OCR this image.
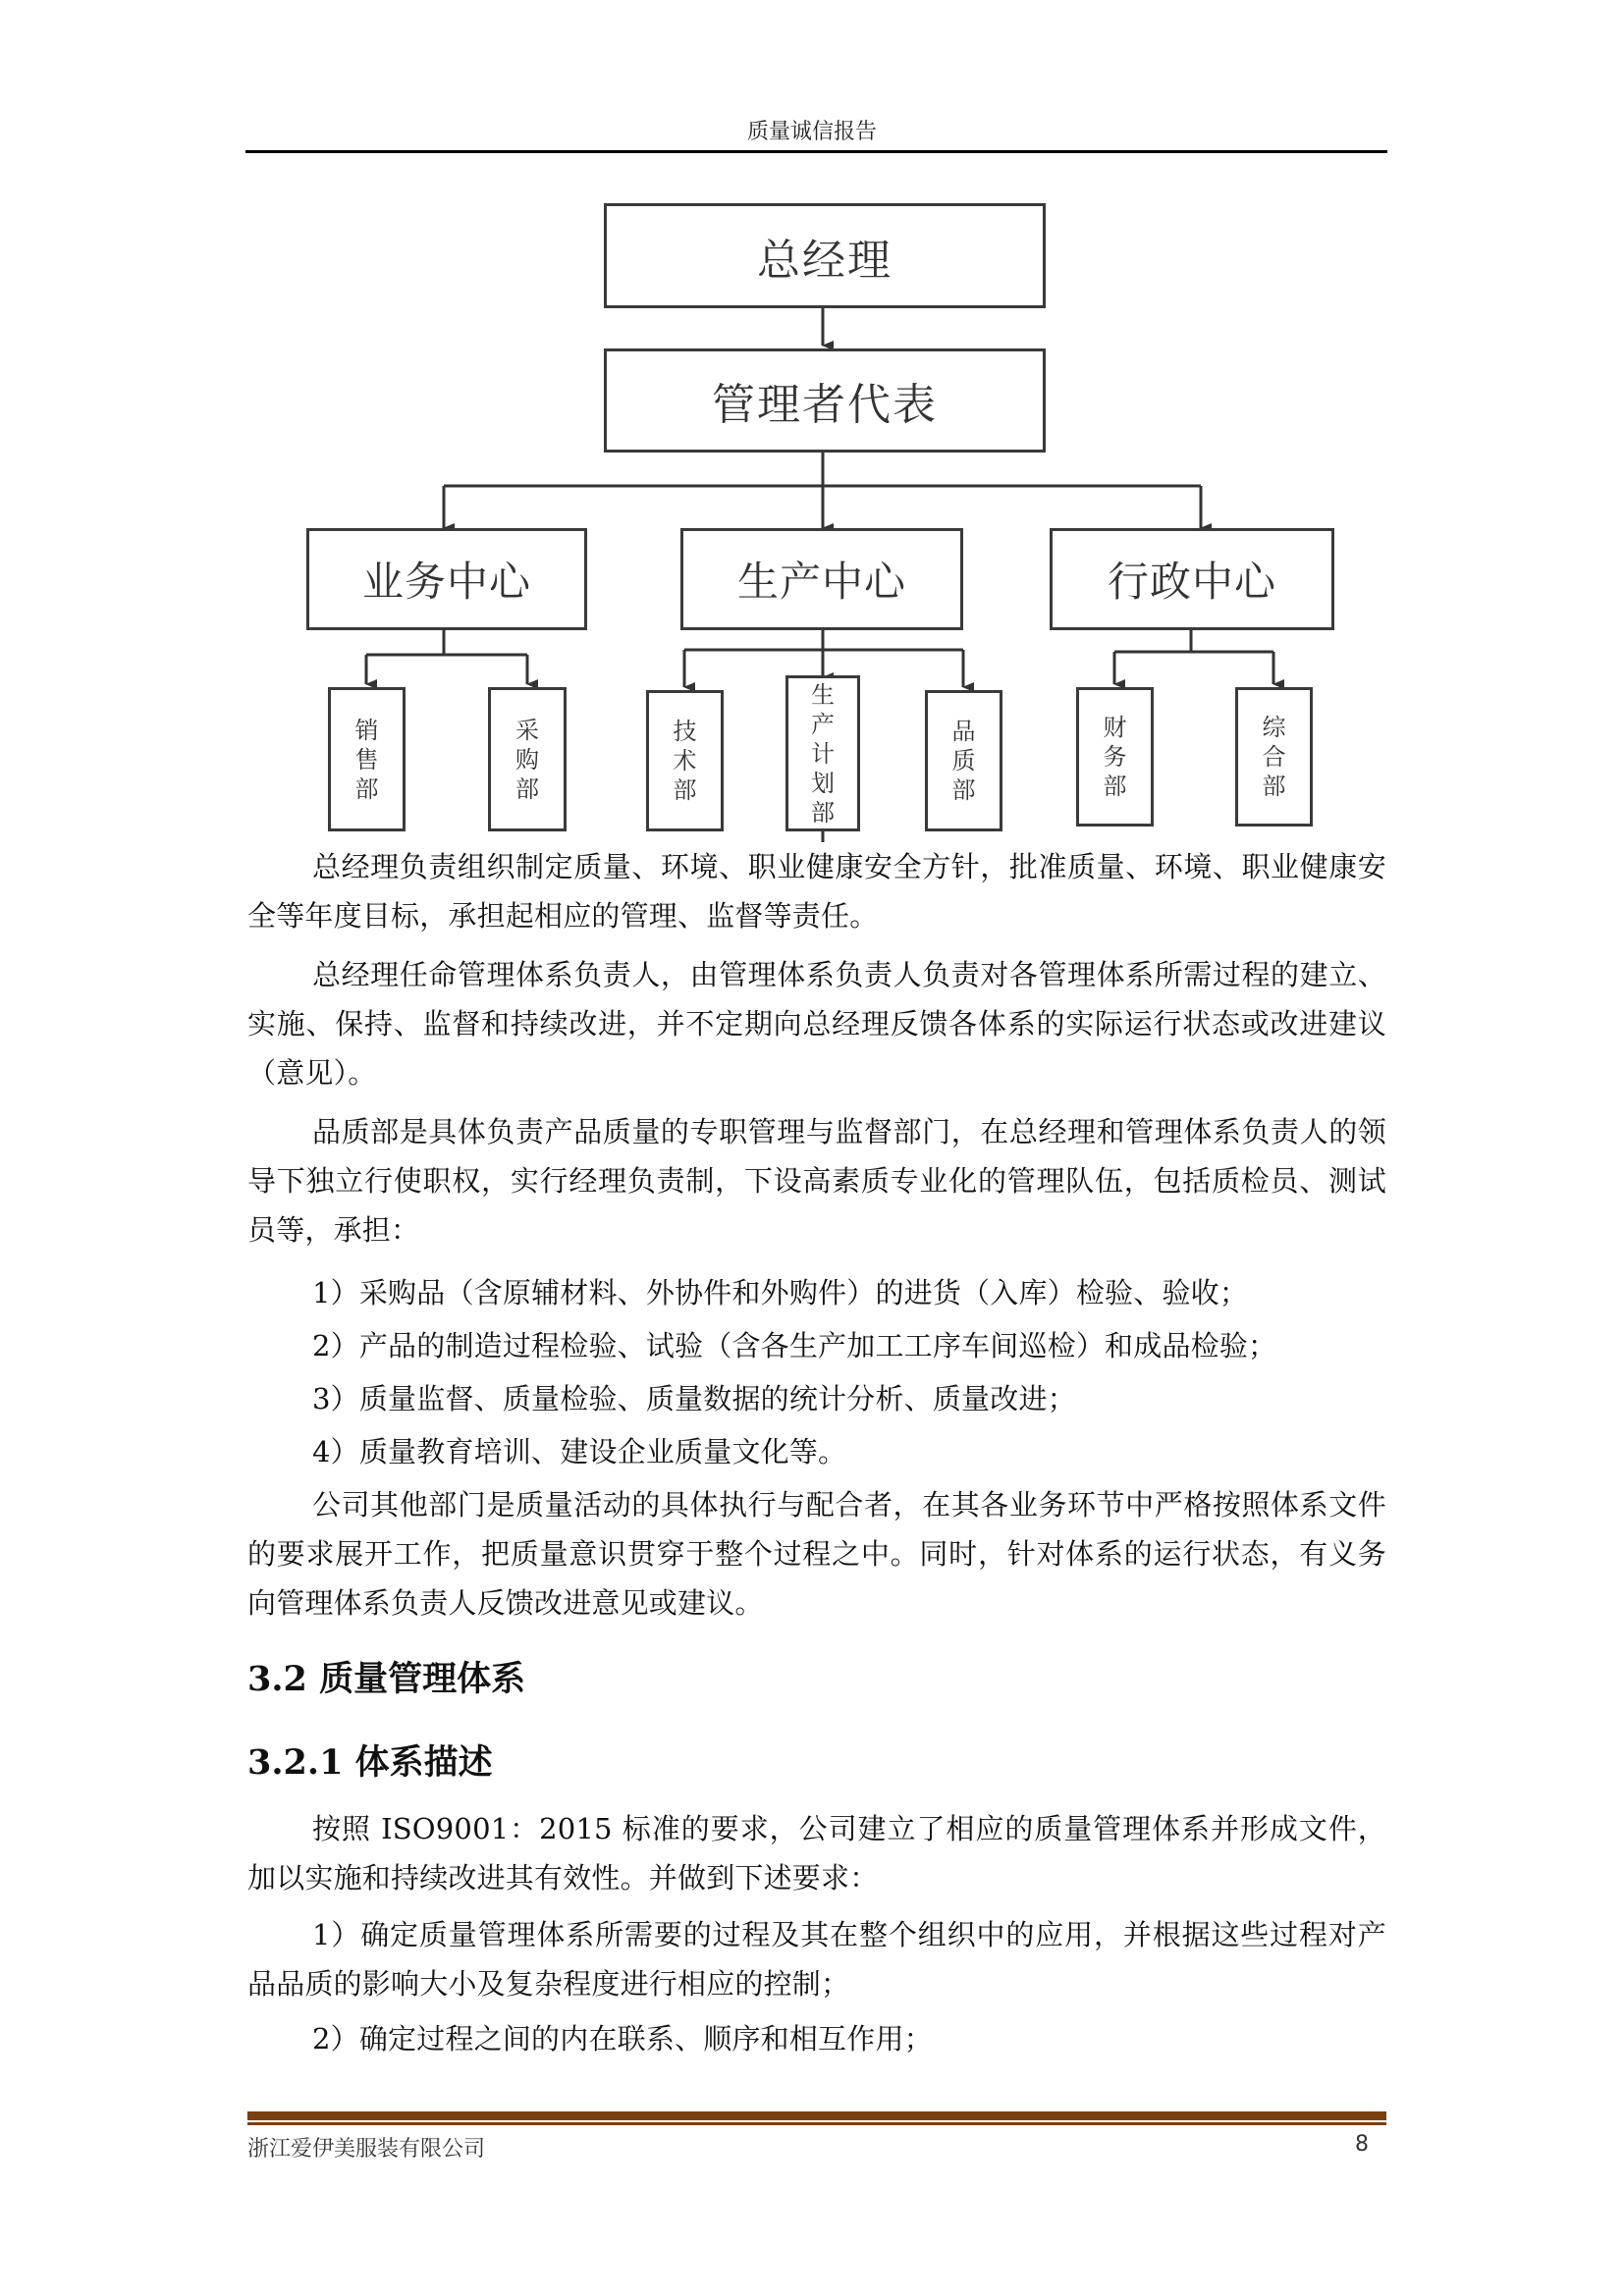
质量诚信报告
总经理
管理者代表
业务中心	生产中心	行政中心
销售部
采购部
技术部
生产计划部
品质部
财务部
综合部
总经理负责组织制定质量、环境、职业健康安全方针，批准质量、环境、职业健康安全等年度目标，承担起相应的管理、监督等责任。
总经理任命管理体系负责人，由管理体系负责人负责对各管理体系所需过程的建立、实施、保持、监督和持续改进，并不定期向总经理反馈各体系的实际运行状态或改进建议（意见）。
品质部是具体负责产品质量的专职管理与监督部门，在总经理和管理体系负责人的领导下独立行使职权，实行经理负责制，下设高素质专业化的管理队伍，包括质检员、测试员等，承担：
1）采购品（含原辅材料、外协件和外购件）的进货（入库）检验、验收；
2）产品的制造过程检验、试验（含各生产加工工序车间巡检）和成品检验；
3）质量监督、质量检验、质量数据的统计分析、质量改进；
4）质量教育培训、建设企业质量文化等。
公司其他部门是质量活动的具体执行与配合者，在其各业务环节中严格按照体系文件的要求展开工作，把质量意识贯穿于整个过程之中。同时，针对体系的运行状态，有义务向管理体系负责人反馈改进意见或建议。
3.2 质量管理体系
3.2.1 体系描述
按照 ISO9001：2015 标准的要求，公司建立了相应的质量管理体系并形成文件，加以实施和持续改进其有效性。并做到下述要求：
1）确定质量管理体系所需要的过程及其在整个组织中的应用，并根据这些过程对产品品质的影响大小及复杂程度进行相应的控制；
2）确定过程之间的内在联系、顺序和相互作用；
浙江爱伊美服装有限公司	8
